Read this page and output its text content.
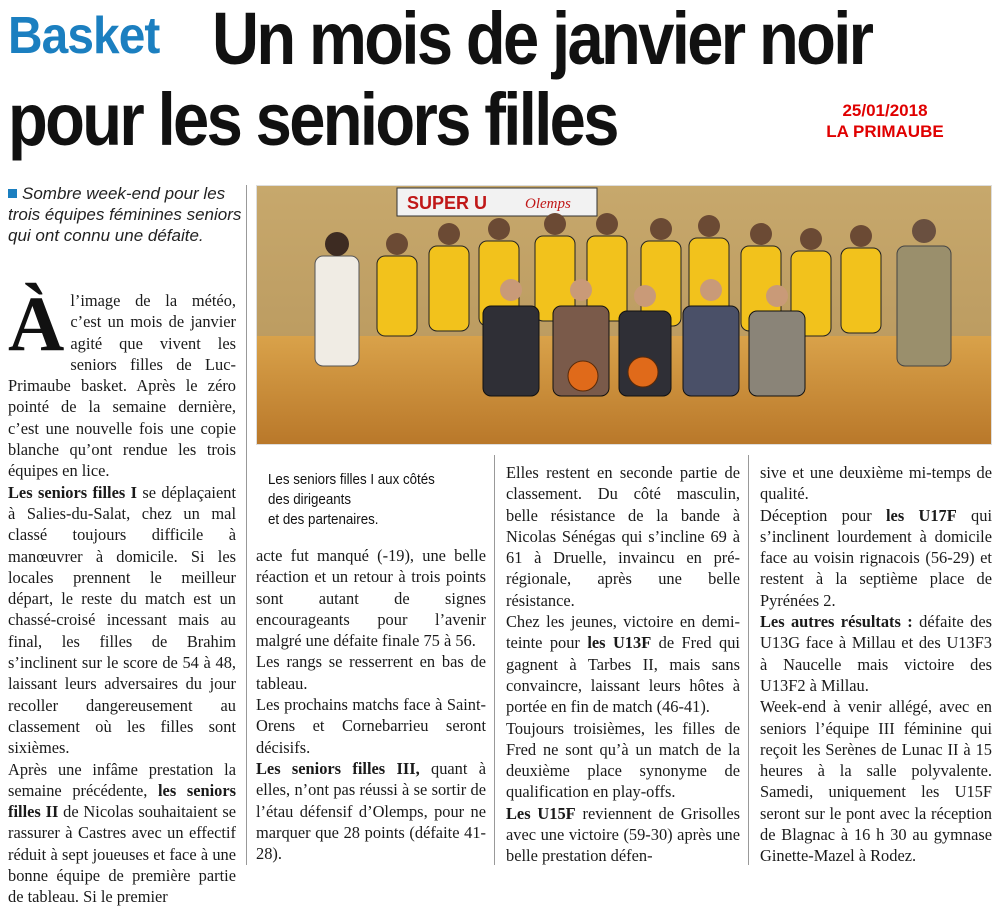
Basket Un mois de janvier noir
pour les seniors filles	25/01/2018
LA PRIMAUBE
Sombre week-end pour les trois équipes féminines seniors qui ont connu une défaite.
SUPER U	Olemps
Les seniors filles I aux côtés
des dirigeants
et des partenaires.

Àl’image de la météo, c’est un mois de janvier agité que vivent les seniors filles de Luc-Primaube basket. Après le zéro pointé de la semaine dernière, c’est une nouvelle fois une copie blanche qu’ont rendue les trois équipes en lice.

Les seniors filles I se déplaçaient à Salies-du-Salat, chez un mal classé toujours difficile à manœuvrer à domicile. Si les locales prennent le meilleur départ, le reste du match est un chassé-croisé incessant mais au final, les filles de Brahim s’inclinent sur le score de 54 à 48, laissant leurs adversaires du jour recoller dangereusement au classement où les filles sont sixièmes.

Après une infâme prestation la semaine précédente, les seniors filles II de Nicolas souhaitaient se rassurer à Castres avec un effectif réduit à sept joueuses et face à une bonne équipe de première partie de tableau. Si le premier

acte fut manqué (-19), une belle réaction et un retour à trois points sont autant de signes encourageants pour l’avenir malgré une défaite finale 75 à 56.

Les rangs se resserrent en bas de tableau.

Les prochains matchs face à Saint-Orens et Cornebarrieu seront décisifs.

Les seniors filles III, quant à elles, n’ont pas réussi à se sortir de l’étau défensif d’Olemps, pour ne marquer que 28 points (défaite 41-28).

Elles restent en seconde partie de classement. Du côté masculin, belle résistance de la bande à Nicolas Sénégas qui s’incline 69 à 61 à Druelle, invaincu en pré-régionale, après une belle résistance.

Chez les jeunes, victoire en demi-teinte pour les U13F de Fred qui gagnent à Tarbes II, mais sans convaincre, laissant leurs hôtes à portée en fin de match (46-41).

Toujours troisièmes, les filles de Fred ne sont qu’à un match de la deuxième place synonyme de qualification en play-offs.

Les U15F reviennent de Grisolles avec une victoire (59-30) après une belle prestation défen-

sive et une deuxième mi-temps de qualité.

Déception pour les U17F qui s’inclinent lourdement à domicile face au voisin rignacois (56-29) et restent à la septième place de Pyrénées 2.

Les autres résultats : défaite des U13G face à Millau et des U13F3 à Naucelle mais victoire des U13F2 à Millau.

Week-end à venir allégé, avec en seniors l’équipe III féminine qui reçoit les Serènes de Lunac II à 15 heures à la salle polyvalente. Samedi, uniquement les U15F seront sur le pont avec la réception de Blagnac à 16 h 30 au gymnase Ginette-Mazel à Rodez.
